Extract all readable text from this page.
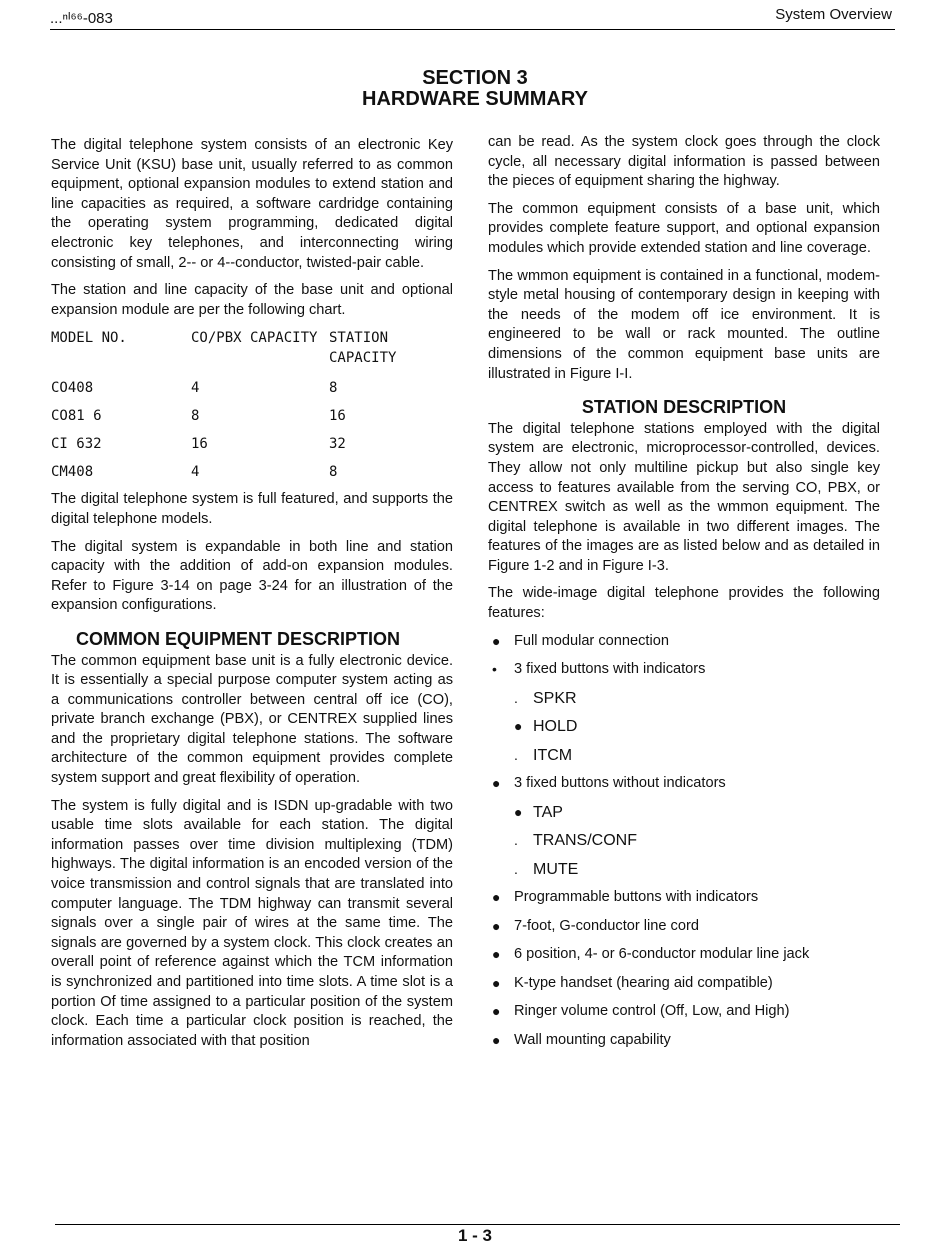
...ⁿᴵ⁶⁶-083	System Overview
SECTION 3
HARDWARE SUMMARY

The digital telephone system consists of an electronic Key Service Unit (KSU) base unit, usually referred to as common equipment, optional expansion modules to extend station and line capacities as required, a software cardridge containing the operating system programming, dedicated digital electronic key telephones, and interconnecting wiring consisting of small, 2-- or 4--conductor, twisted-pair cable.

The station and line capacity of the base unit and optional expansion module are per the following chart.

MODEL NO.	CO/PBX CAPACITY	STATION CAPACITY
CO408	4	8
CO81 6	8	16
CI 632	16	32
CM408	4	8

The digital telephone system is full featured, and supports the digital telephone models.

The digital system is expandable in both line and station capacity with the addition of add-on expansion modules. Refer to Figure 3-14 on page 3-24 for an illustration of the expansion configurations.

COMMON EQUIPMENT DESCRIPTION

The common equipment base unit is a fully electronic device. It is essentially a special purpose computer system acting as a communications controller between central off ice (CO), private branch exchange (PBX), or CENTREX supplied lines and the proprietary digital telephone stations. The software architecture of the common equipment provides complete system support and great flexibility of operation.

The system is fully digital and is ISDN up-gradable with two usable time slots available for each station. The digital information passes over time division multiplexing (TDM) highways. The digital information is an encoded version of the voice transmission and control signals that are translated into computer language. The TDM highway can transmit several signals over a single pair of wires at the same time. The signals are governed by a system clock. This clock creates an overall point of reference against which the TCM information is synchronized and partitioned into time slots. A time slot is a portion Of time assigned to a particular position of the system clock. Each time a particular clock position is reached, the information associated with that position

can be read. As the system clock goes through the clock cycle, all necessary digital information is passed between the pieces of equipment sharing the highway.

The common equipment consists of a base unit, which provides complete feature support, and optional expansion modules which provide extended station and line coverage.

The wmmon equipment is contained in a functional, modem-style metal housing of contemporary design in keeping with the needs of the modem off ice environment. It is engineered to be wall or rack mounted. The outline dimensions of the common equipment base units are illustrated in Figure I-I.

STATION DESCRIPTION

The digital telephone stations employed with the digital system are electronic, microprocessor-controlled, devices. They allow not only multiline pickup but also single key access to features available from the serving CO, PBX, or CENTREX switch as well as the wmmon equipment. The digital telephone is available in two different images. The features of the images are as listed below and as detailed in Figure 1-2 and in Figure I-3.

The wide-image digital telephone provides the following features:

● Full modular connection
• 3 fixed buttons with indicators
. SPKR
● HOLD
. ITCM
● 3 fixed buttons without indicators
● TAP
. TRANS/CONF
. MUTE
● Programmable buttons with indicators
● 7-foot, G-conductor line cord
● 6 position, 4- or 6-conductor modular line jack
● K-type handset (hearing aid compatible)
● Ringer volume control (Off, Low, and High)
● Wall mounting capability
1 - 3
